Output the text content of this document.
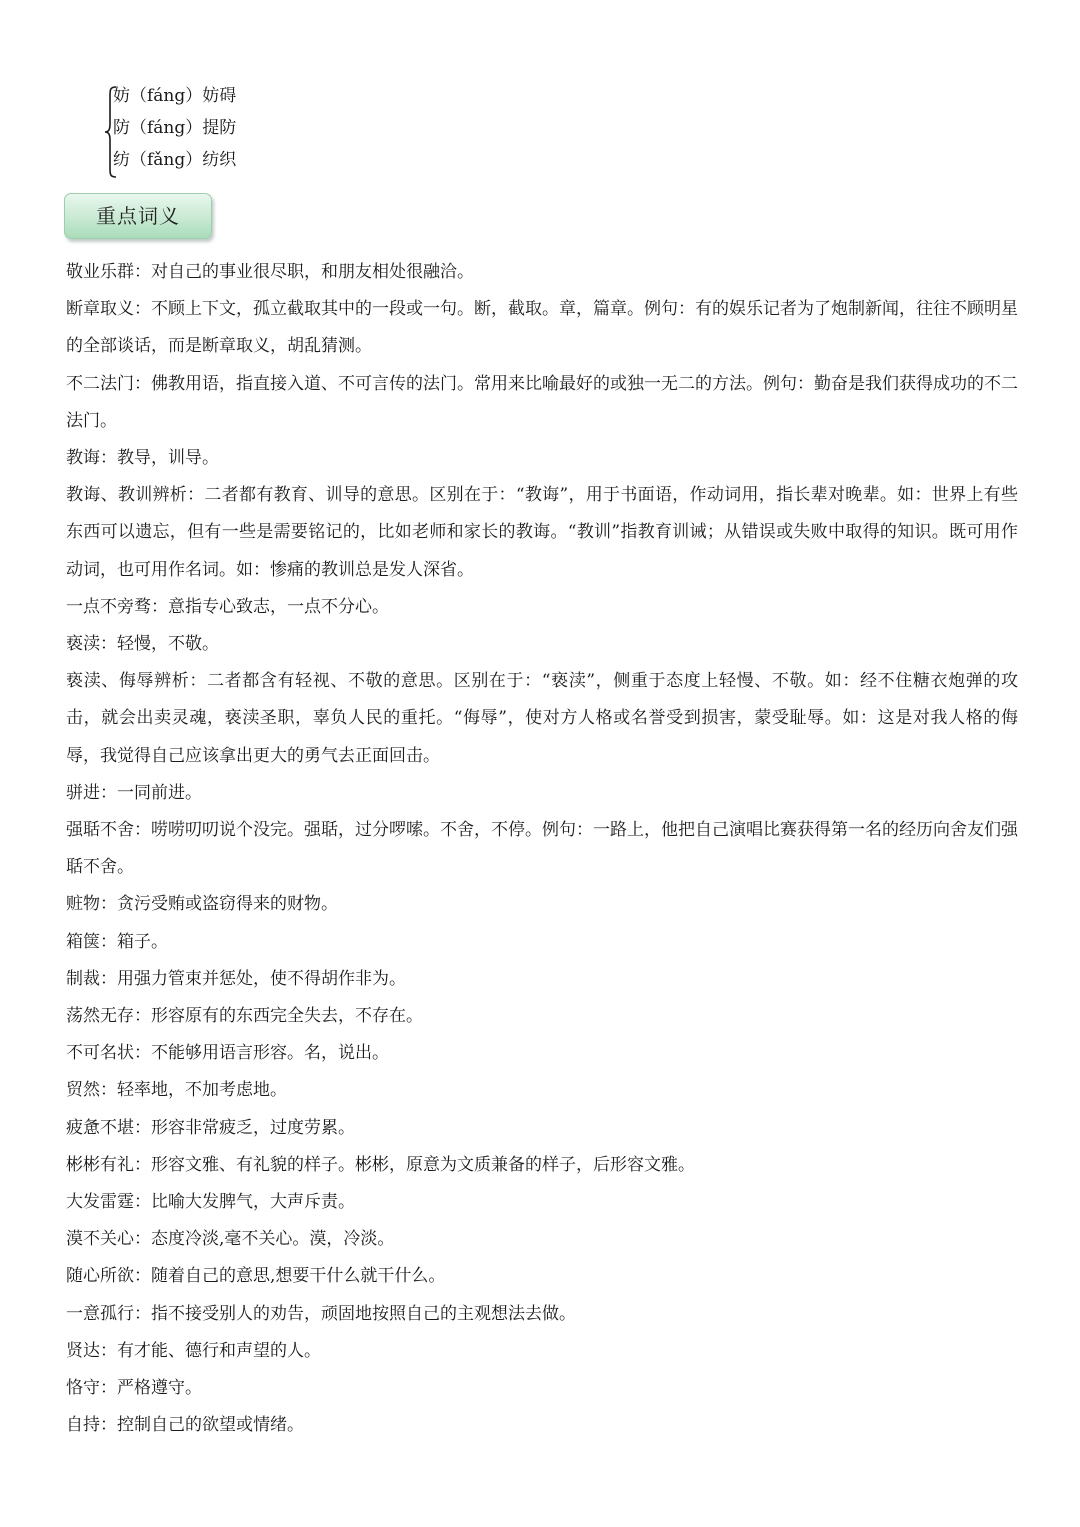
妨（fáng）妨碍
防（fáng）提防
纺（fǎng）纺织
重点词义

敬业乐群：对自己的事业很尽职，和朋友相处很融洽。

断章取义：不顾上下文，孤立截取其中的一段或一句。断，截取。章，篇章。例句：有的娱乐记者为了炮制新闻，往往不顾明星的全部谈话，而是断章取义，胡乱猜测。

不二法门：佛教用语，指直接入道、不可言传的法门。常用来比喻最好的或独一无二的方法。例句：勤奋是我们获得成功的不二法门。

教诲：教导，训导。

教诲、教训辨析：二者都有教育、训导的意思。区别在于：“教诲”，用于书面语，作动词用，指长辈对晚辈。如：世界上有些东西可以遗忘，但有一些是需要铭记的，比如老师和家长的教诲。“教训”指教育训诫；从错误或失败中取得的知识。既可用作动词，也可用作名词。如：惨痛的教训总是发人深省。

一点不旁骛：意指专心致志，一点不分心。

亵渎：轻慢，不敬。

亵渎、侮辱辨析：二者都含有轻视、不敬的意思。区别在于：“亵渎”，侧重于态度上轻慢、不敬。如：经不住糖衣炮弹的攻击，就会出卖灵魂，亵渎圣职，辜负人民的重托。“侮辱”，使对方人格或名誉受到损害，蒙受耻辱。如：这是对我人格的侮辱，我觉得自己应该拿出更大的勇气去正面回击。

骈进：一同前进。

强聒不舍：唠唠叨叨说个没完。强聒，过分啰嗦。不舍，不停。例句：一路上，他把自己演唱比赛获得第一名的经历向舍友们强聒不舍。

赃物：贪污受贿或盗窃得来的财物。

箱箧：箱子。

制裁：用强力管束并惩处，使不得胡作非为。

荡然无存：形容原有的东西完全失去，不存在。

不可名状：不能够用语言形容。名，说出。

贸然：轻率地，不加考虑地。

疲惫不堪：形容非常疲乏，过度劳累。

彬彬有礼：形容文雅、有礼貌的样子。彬彬，原意为文质兼备的样子，后形容文雅。

大发雷霆：比喻大发脾气，大声斥责。

漠不关心：态度冷淡,毫不关心。漠，冷淡。

随心所欲：随着自己的意思,想要干什么就干什么。

一意孤行：指不接受别人的劝告，顽固地按照自己的主观想法去做。

贤达：有才能、德行和声望的人。

恪守：严格遵守。

自持：控制自己的欲望或情绪。
